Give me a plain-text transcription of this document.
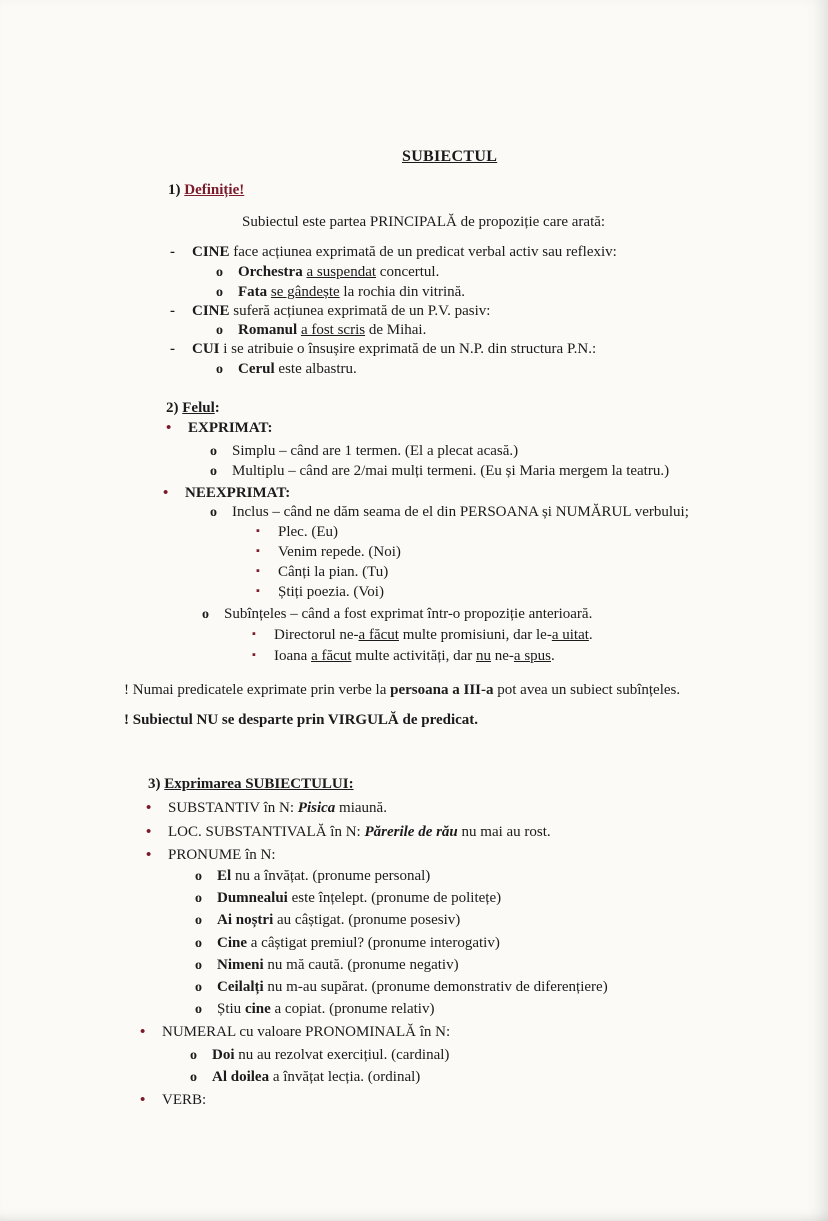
SUBIECTUL
1) Definiție!
Subiectul este partea PRINCIPALĂ de propoziție care arată:
-CINE face acțiunea exprimată de un predicat verbal activ sau reflexiv:
oOrchestra a suspendat concertul.
oFata se gândește la rochia din vitrină.
-CINE suferă acțiunea exprimată de un P.V. pasiv:
oRomanul a fost scris de Mihai.
-CUI i se atribuie o însușire exprimată de un N.P. din structura P.N.:
oCerul este albastru.
2) Felul:
•EXPRIMAT:
oSimplu – când are 1 termen. (El a plecat acasă.)
oMultiplu – când are 2/mai mulți termeni. (Eu și Maria mergem la teatru.)
•NEEXPRIMAT:
oInclus – când ne dăm seama de el din PERSOANA și NUMĂRUL verbului;
▪Plec. (Eu)
▪Venim repede. (Noi)
▪Cânți la pian. (Tu)
▪Știți poezia. (Voi)
oSubînțeles – când a fost exprimat într-o propoziție anterioară.
▪Directorul ne-a făcut multe promisiuni, dar le-a uitat.
▪Ioana a făcut multe activități, dar nu ne-a spus.
! Numai predicatele exprimate prin verbe la persoana a III-a pot avea un subiect subînțeles.
! Subiectul NU se desparte prin VIRGULĂ de predicat.
3) Exprimarea SUBIECTULUI:
•SUBSTANTIV în N: Pisica miaună.
•LOC. SUBSTANTIVALĂ în N: Părerile de rău nu mai au rost.
•PRONUME în N:
oEl nu a învățat. (pronume personal)
oDumnealui este înțelept. (pronume de politețe)
oAi noștri au câștigat. (pronume posesiv)
oCine a câștigat premiul? (pronume interogativ)
oNimeni nu mă caută. (pronume negativ)
oCeilalți nu m-au supărat. (pronume demonstrativ de diferențiere)
oȘtiu cine a copiat. (pronume relativ)
•NUMERAL cu valoare PRONOMINALĂ în N:
oDoi nu au rezolvat exercițiul. (cardinal)
oAl doilea a învățat lecția. (ordinal)
•VERB:
